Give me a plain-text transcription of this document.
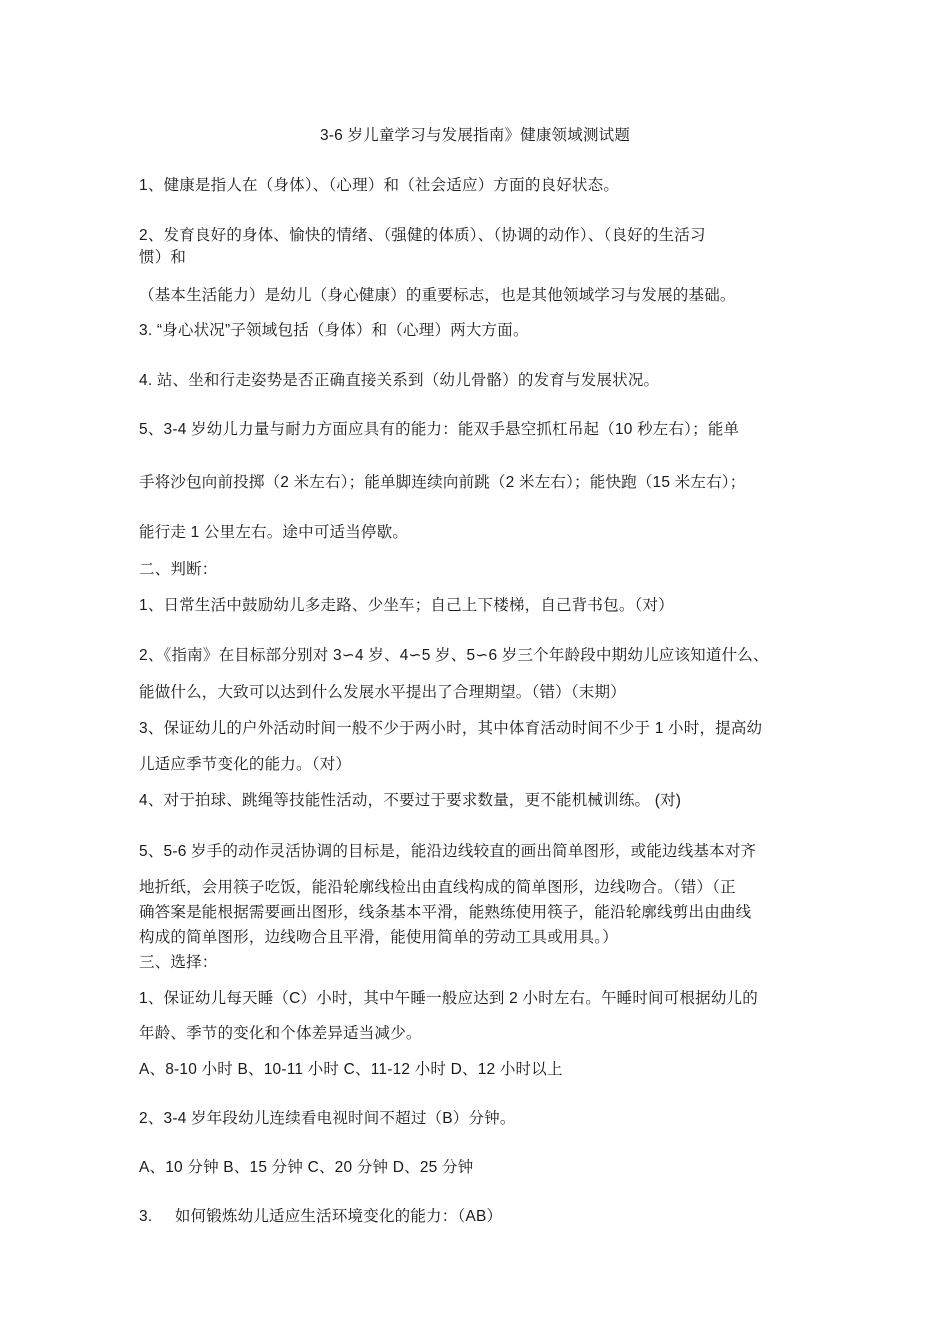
3-6 岁儿童学习与发展指南》健康领域测试题
1、健康是指人在（身体）、（心理）和（社会适应）方面的良好状态。
2、发育良好的身体、愉快的情绪、（强健的体质）、（协调的动作）、（良好的生活习
惯）和
（基本生活能力）是幼儿（身心健康）的重要标志，也是其他领域学习与发展的基础。
3. “身心状况”子领域包括（身体）和（心理）两大方面。
4. 站、坐和行走姿势是否正确直接关系到（幼儿骨骼）的发育与发展状况。
5、3-4 岁幼儿力量与耐力方面应具有的能力：能双手悬空抓杠吊起（10 秒左右）；能单
手将沙包向前投掷（2 米左右）；能单脚连续向前跳（2 米左右）；能快跑（15 米左右）；
能行走 1 公里左右。途中可适当停歇。
二、判断：
1、日常生活中鼓励幼儿多走路、少坐车；自己上下楼梯，自己背书包。（对）
2、《指南》在目标部分别对 3∽4 岁、4∽5 岁、5∽6 岁三个年龄段中期幼儿应该知道什么、
能做什么，大致可以达到什么发展水平提出了合理期望。（错）（末期）
3、保证幼儿的户外活动时间一般不少于两小时，其中体育活动时间不少于 1 小时，提高幼
儿适应季节变化的能力。（对）
4、对于拍球、跳绳等技能性活动，不要过于要求数量，更不能机械训练。 (对)
5、5-6 岁手的动作灵活协调的目标是，能沿边线较直的画出简单图形，或能边线基本对齐
地折纸，会用筷子吃饭，能沿轮廓线检出由直线构成的简单图形，边线吻合。（错）（正
确答案是能根据需要画出图形，线条基本平滑，能熟练使用筷子，能沿轮廓线剪出由曲线
构成的简单图形，边线吻合且平滑，能使用简单的劳动工具或用具。）
三、选择：
1、保证幼儿每天睡（C）小时，其中午睡一般应达到 2 小时左右。午睡时间可根据幼儿的
年龄、季节的变化和个体差异适当减少。
A、8-10 小时 B、10-11 小时 C、11-12 小时 D、12 小时以上
2、3-4 岁年段幼儿连续看电视时间不超过（B）分钟。
A、10 分钟 B、15 分钟 C、20 分钟 D、25 分钟
3.     如何锻炼幼儿适应生活环境变化的能力：（AB）
